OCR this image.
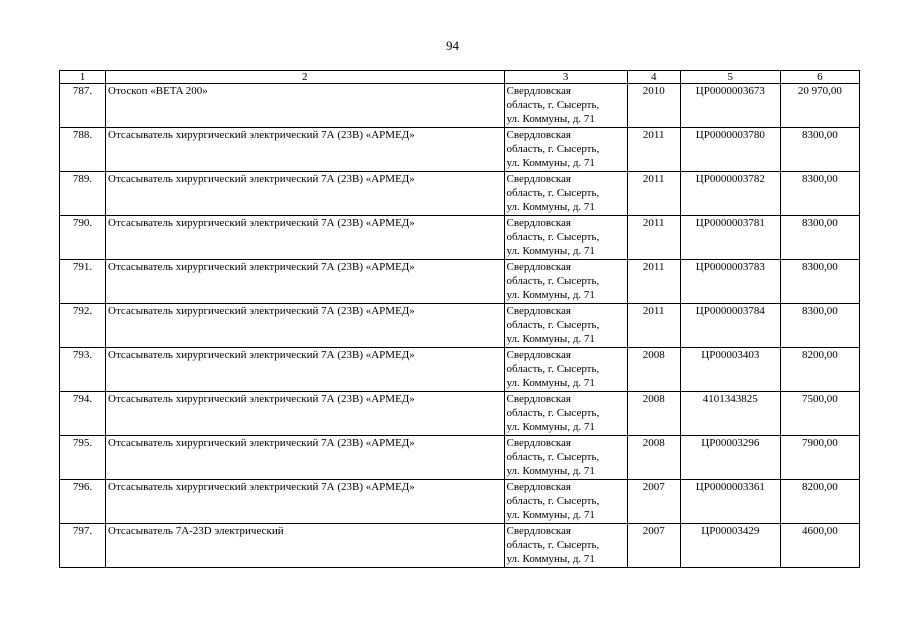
94
1	2	3	4	5	6
787.	Отоскоп «BETA 200»	Свердловская
область, г. Сысерть,
ул. Коммуны, д. 71	2010	ЦР0000003673	20 970,00
788.	Отсасыватель хирургический электрический 7А (23В) «АРМЕД»	Свердловская
область, г. Сысерть,
ул. Коммуны, д. 71	2011	ЦР0000003780	8300,00
789.	Отсасыватель хирургический электрический 7А (23В) «АРМЕД»	Свердловская
область, г. Сысерть,
ул. Коммуны, д. 71	2011	ЦР0000003782	8300,00
790.	Отсасыватель хирургический электрический 7А (23В) «АРМЕД»	Свердловская
область, г. Сысерть,
ул. Коммуны, д. 71	2011	ЦР0000003781	8300,00
791.	Отсасыватель хирургический электрический 7А (23В) «АРМЕД»	Свердловская
область, г. Сысерть,
ул. Коммуны, д. 71	2011	ЦР0000003783	8300,00
792.	Отсасыватель хирургический электрический 7А (23В) «АРМЕД»	Свердловская
область, г. Сысерть,
ул. Коммуны, д. 71	2011	ЦР0000003784	8300,00
793.	Отсасыватель хирургический электрический 7А (23В) «АРМЕД»	Свердловская
область, г. Сысерть,
ул. Коммуны, д. 71	2008	ЦР00003403	8200,00
794.	Отсасыватель хирургический электрический 7А (23В) «АРМЕД»	Свердловская
область, г. Сысерть,
ул. Коммуны, д. 71	2008	4101343825	7500,00
795.	Отсасыватель хирургический электрический 7А (23В) «АРМЕД»	Свердловская
область, г. Сысерть,
ул. Коммуны, д. 71	2008	ЦР00003296	7900,00
796.	Отсасыватель хирургический электрический 7А (23В) «АРМЕД»	Свердловская
область, г. Сысерть,
ул. Коммуны, д. 71	2007	ЦР0000003361	8200,00
797.	Отсасыватель 7А-23D электрический	Свердловская
область, г. Сысерть,
ул. Коммуны, д. 71	2007	ЦР00003429	4600,00
